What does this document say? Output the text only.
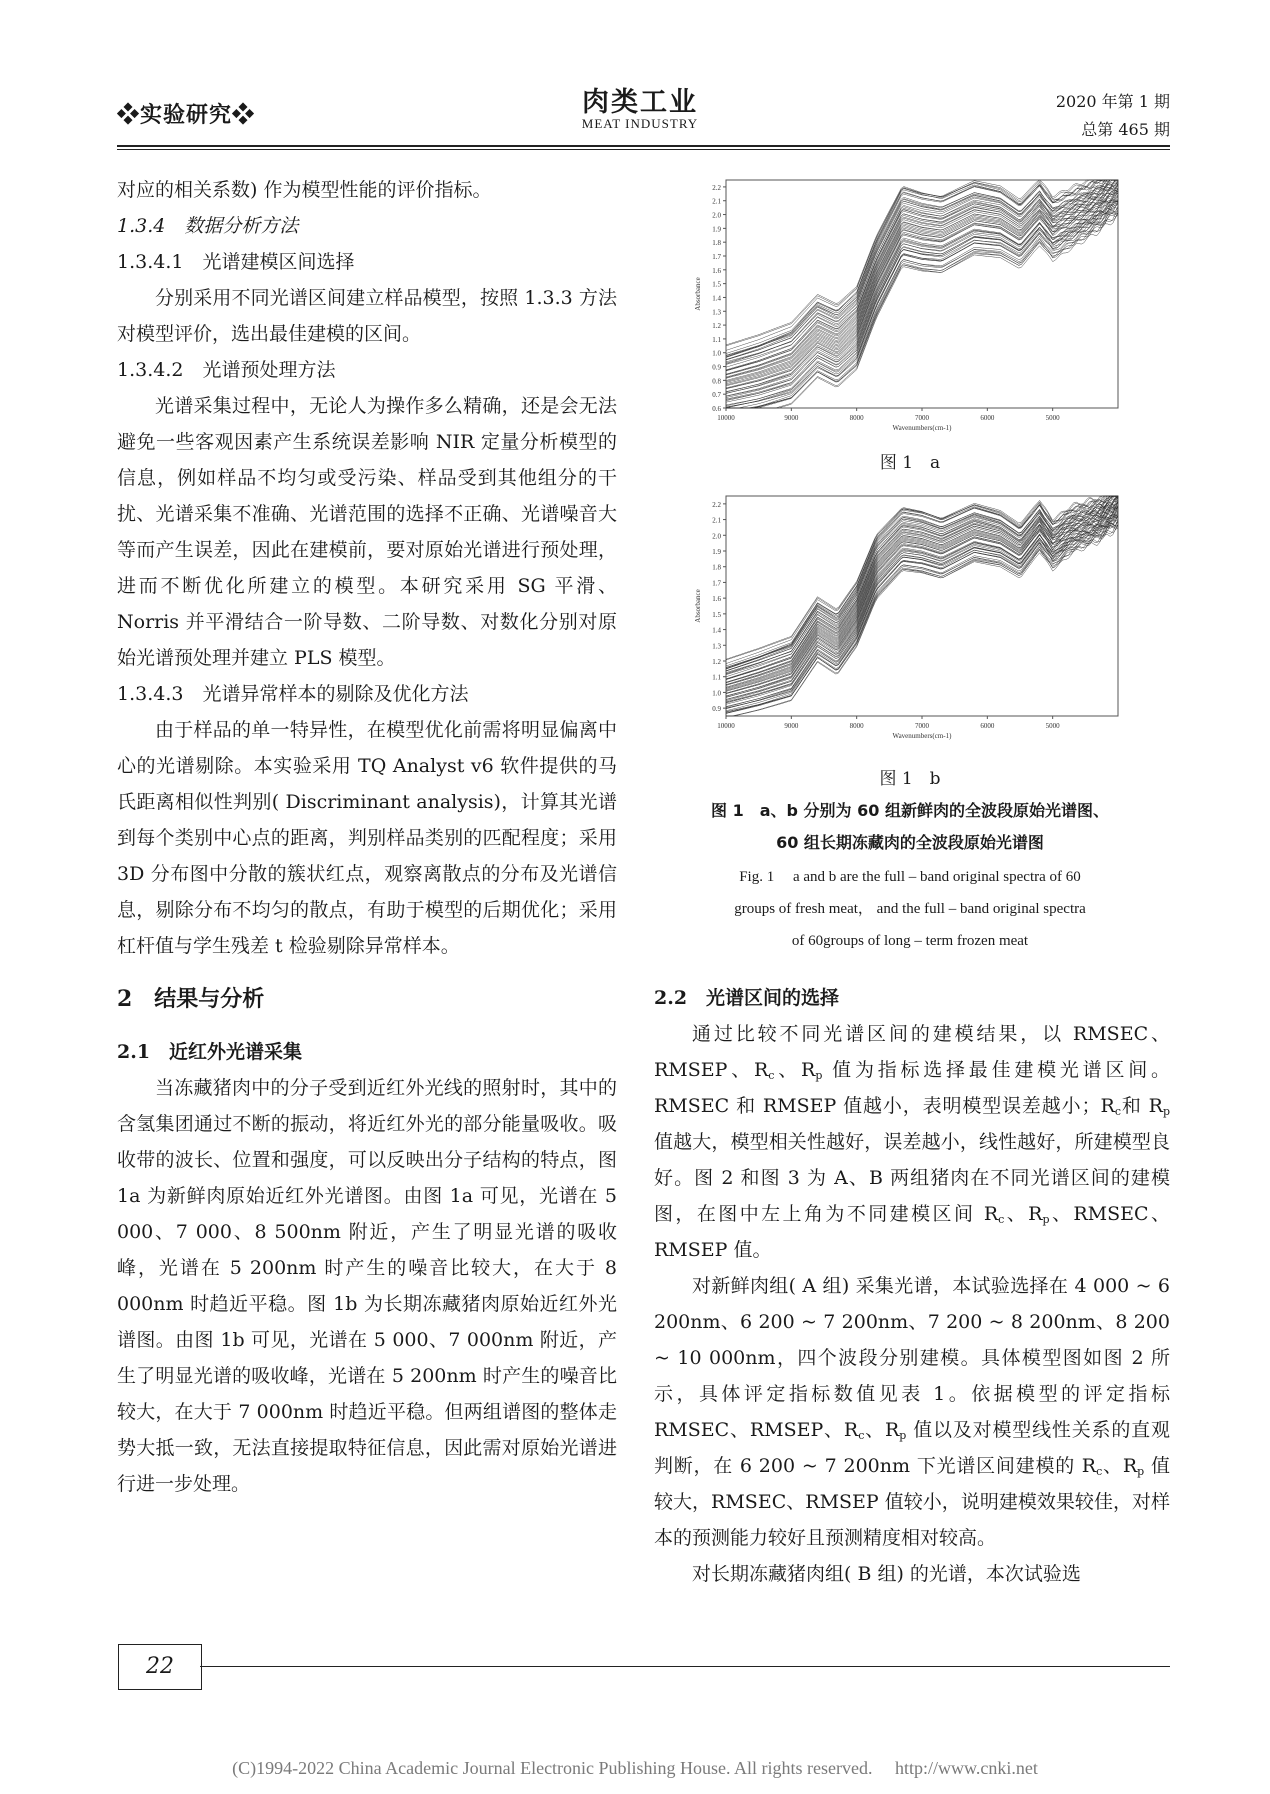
❖实验研究❖	肉类工业
MEAT INDUSTRY
2020 年第 1 期
总第 465 期

对应的相关系数) 作为模型性能的评价指标。

1.3.4　数据分析方法

1.3.4.1　光谱建模区间选择

分别采用不同光谱区间建立样品模型，按照 1.3.3 方法对模型评价，选出最佳建模的区间。

1.3.4.2　光谱预处理方法

光谱采集过程中，无论人为操作多么精确，还是会无法避免一些客观因素产生系统误差影响 NIR 定量分析模型的信息，例如样品不均匀或受污染、样品受到其他组分的干扰、光谱采集不准确、光谱范围的选择不正确、光谱噪音大等而产生误差，因此在建模前，要对原始光谱进行预处理，进而不断优化所建立的模型。本研究采用 SG 平滑、Norris 并平滑结合一阶导数、二阶导数、对数化分别对原始光谱预处理并建立 PLS 模型。

1.3.4.3　光谱异常样本的剔除及优化方法

由于样品的单一特异性，在模型优化前需将明显偏离中心的光谱剔除。本实验采用 TQ Analyst v6 软件提供的马氏距离相似性判别( Discriminant analysis)，计算其光谱到每个类别中心点的距离，判别样品类别的匹配程度；采用3D 分布图中分散的簇状红点，观察离散点的分布及光谱信息，剔除分布不均匀的散点，有助于模型的后期优化；采用杠杆值与学生残差 t 检验剔除异常样本。

2　结果与分析
2.1　近红外光谱采集

当冻藏猪肉中的分子受到近红外光线的照射时，其中的含氢集团通过不断的振动，将近红外光的部分能量吸收。吸收带的波长、位置和强度，可以反映出分子结构的特点，图 1a 为新鲜肉原始近红外光谱图。由图 1a 可见，光谱在 5 000、7 000、8 500nm 附近，产生了明显光谱的吸收峰，光谱在 5 200nm 时产生的噪音比较大，在大于 8 000nm 时趋近平稳。图 1b 为长期冻藏猪肉原始近红外光谱图。由图 1b 可见，光谱在 5 000、7 000nm 附近，产生了明显光谱的吸收峰，光谱在 5 200nm 时产生的噪音比较大，在大于 7 000nm 时趋近平稳。但两组谱图的整体走势大抵一致，无法直接提取特征信息，因此需对原始光谱进行进一步处理。

0.6
0.7
0.8
0.9
1.0
1.1
1.2
1.3
1.4
1.5
1.6
1.7
1.8
1.9
2.0
2.1
2.2
10000	9000	8000	7000	6000	5000
Wavenumbers(cm-1)
Absorbance
图 1　a
0.9
1.0
1.1
1.2
1.3
1.4
1.5
1.6
1.7
1.8
1.9
2.0
2.1
2.2
10000	9000	8000	7000	6000	5000
Wavenumbers(cm-1)
Absorbance
图 1　b
图 1　a、b 分别为 60 组新鲜肉的全波段原始光谱图、
60 组长期冻藏肉的全波段原始光谱图
Fig. 1　 a and b are the full – band original spectra of 60
groups of fresh meat， and the full – band original spectra
of 60groups of long – term frozen meat
2.2　光谱区间的选择

通过比较不同光谱区间的建模结果，以 RMSEC、RMSEP、$R_c$、$R_p$ 值为指标选择最佳建模光谱区间。RMSEC 和 RMSEP 值越小，表明模型误差越小；$R_c$和 $R_p$ 值越大，模型相关性越好，误差越小，线性越好，所建模型良好。图 2 和图 3 为 A、B 两组猪肉在不同光谱区间的建模图，在图中左上角为不同建模区间 $R_c$、$R_p$、RMSEC、RMSEP 值。

对新鲜肉组( A 组) 采集光谱，本试验选择在 4 000 ~ 6 200nm、6 200 ~ 7 200nm、7 200 ~ 8 200nm、8 200 ~ 10 000nm，四个波段分别建模。具体模型图如图 2 所示，具体评定指标数值见表 1。依据模型的评定指标 RMSEC、RMSEP、$R_c$、$R_p$ 值以及对模型线性关系的直观判断，在 6 200 ~ 7 200nm 下光谱区间建模的 $R_c$、$R_p$ 值较大，RMSEC、RMSEP 值较小，说明建模效果较佳，对样本的预测能力较好且预测精度相对较高。

对长期冻藏猪肉组( B 组) 的光谱，本次试验选

22
(C)1994-2022 China Academic Journal Electronic Publishing House. All rights reserved.　 http://www.cnki.net
